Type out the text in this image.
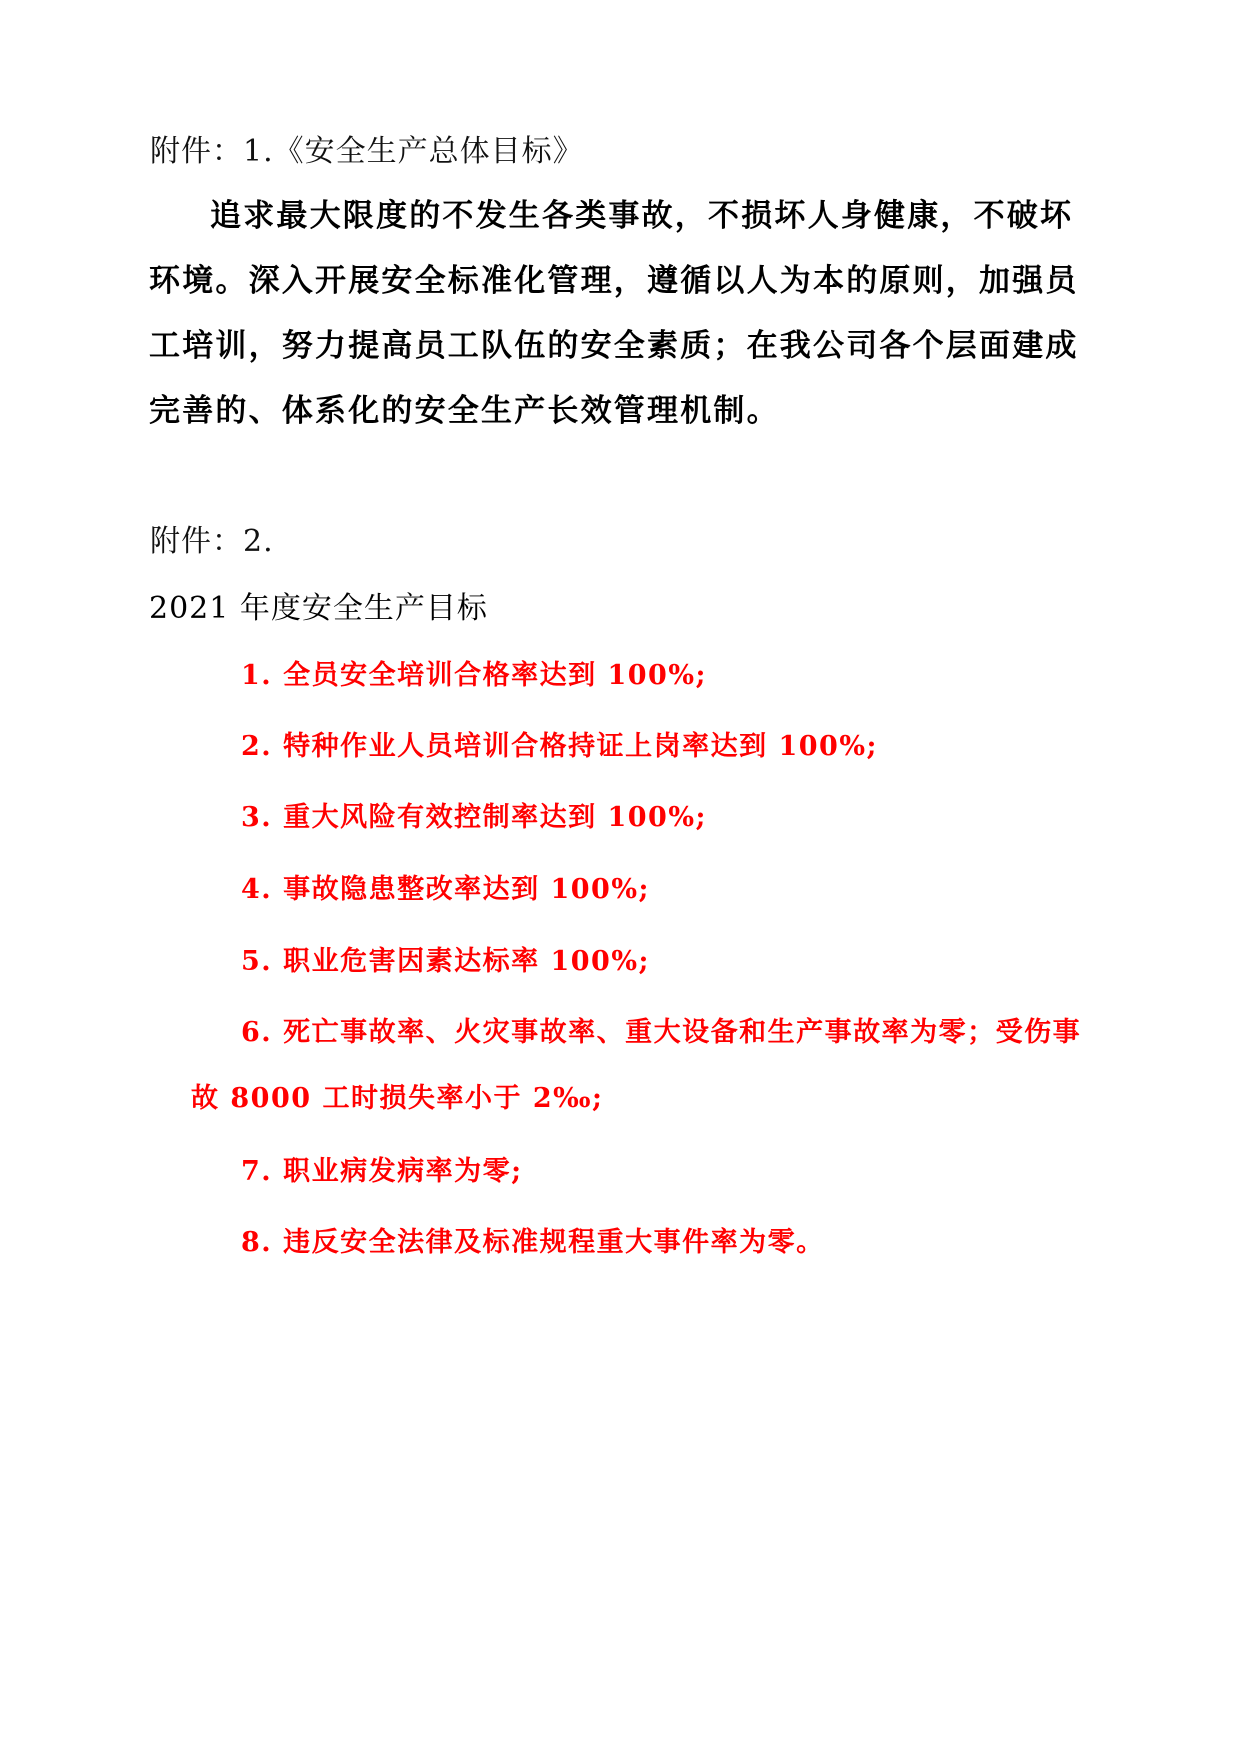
附件：1.《安全生产总体目标》
追求最大限度的不发生各类事故，不损坏人身健康，不破坏
环境。深入开展安全标准化管理，遵循以人为本的原则，加强员
工培训，努力提高员工队伍的安全素质；在我公司各个层面建成
完善的、体系化的安全生产长效管理机制。
附件：2.
2021 年度安全生产目标
1. 全员安全培训合格率达到 100%;
2. 特种作业人员培训合格持证上岗率达到 100%;
3. 重大风险有效控制率达到 100%;
4. 事故隐患整改率达到 100%;
5. 职业危害因素达标率 100%;
6. 死亡事故率、火灾事故率、重大设备和生产事故率为零；受伤事
故 8000 工时损失率小于 2‰;
7. 职业病发病率为零;
8. 违反安全法律及标准规程重大事件率为零。
